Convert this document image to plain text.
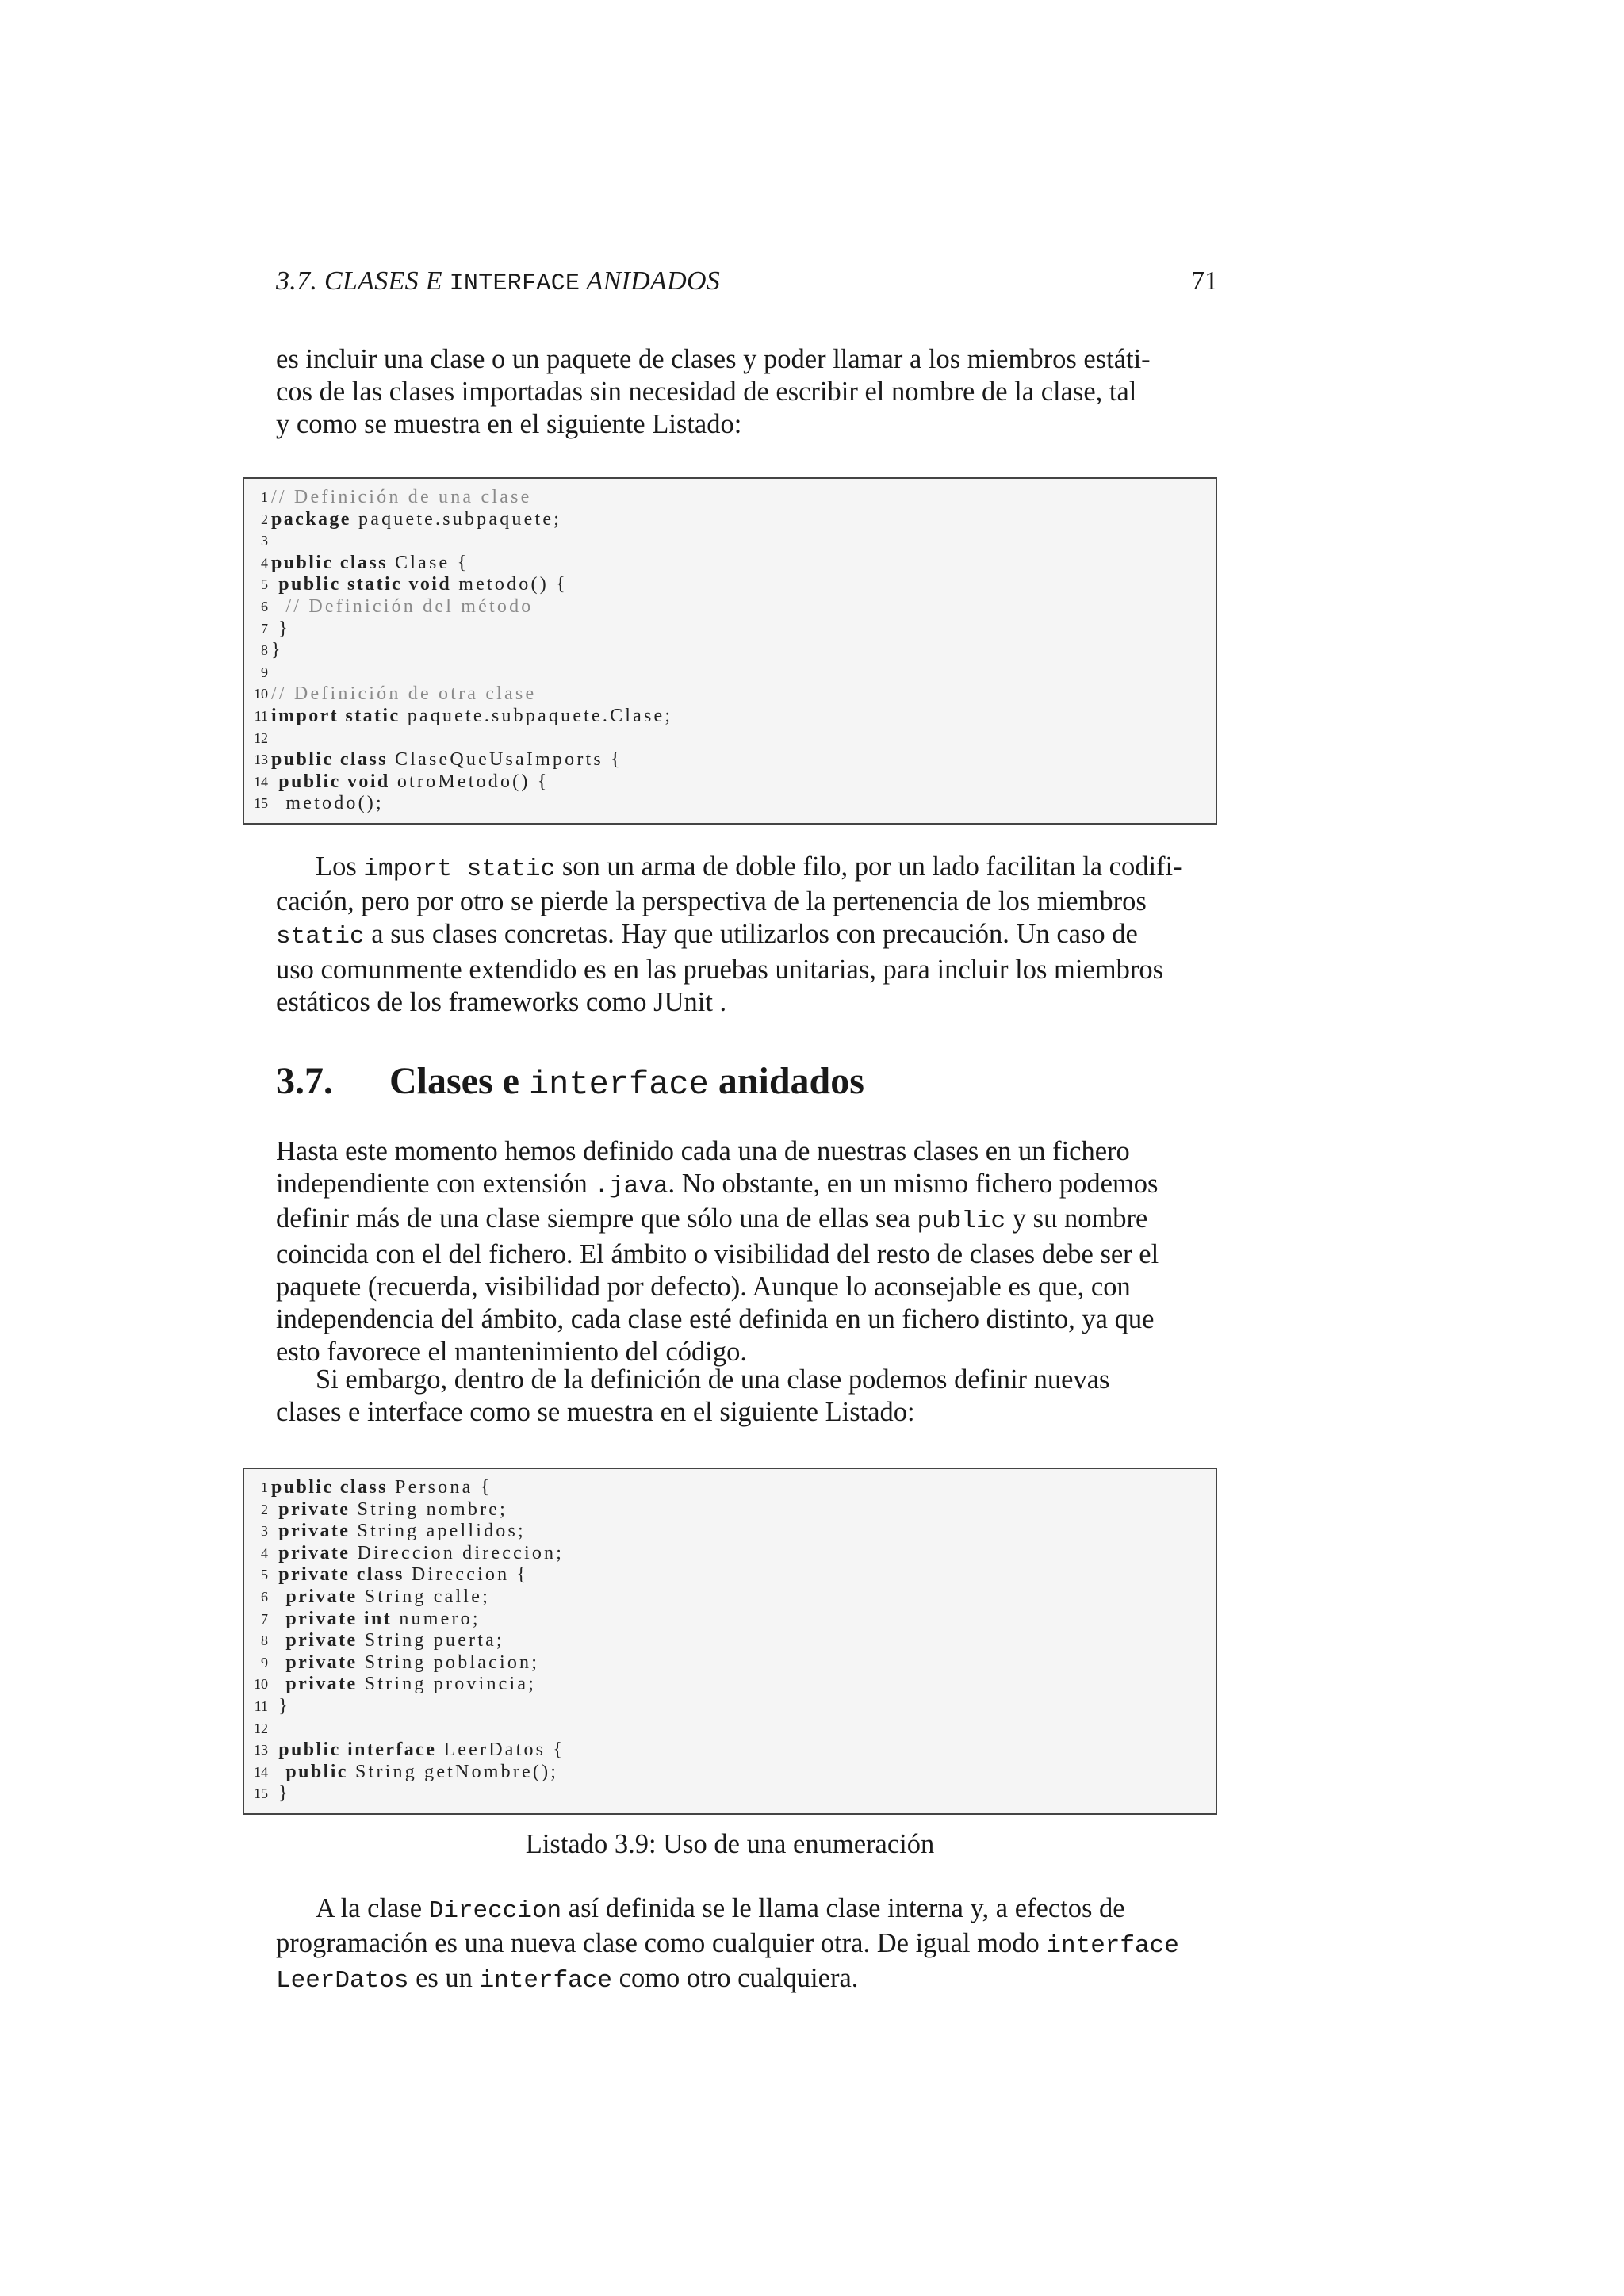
3.7. CLASES E INTERFACE ANIDADOS	71
es incluir una clase o un paquete de clases y poder llamar a los miembros estáti-
cos de las clases importadas sin necesidad de escribir el nombre de la clase, tal
y como se muestra en el siguiente Listado:
1 // Definición de una clase
2 package paquete.subpaquete;
3
4 public class Clase {
5 public static void metodo() {
6 // Definición del método
7 }
8 }
9
10 // Definición de otra clase
11 import static paquete.subpaquete.Clase;
12
13 public class ClaseQueUsaImports {
14 public void otroMetodo() {
15 metodo();
Los import static son un arma de doble filo, por un lado facilitan la codifi-
cación, pero por otro se pierde la perspectiva de la pertenencia de los miembros
static a sus clases concretas. Hay que utilizarlos con precaución. Un caso de
uso comunmente extendido es en las pruebas unitarias, para incluir los miembros
estáticos de los frameworks como JUnit .
3.7.	Clases e interface anidados
Hasta este momento hemos definido cada una de nuestras clases en un fichero
independiente con extensión .java. No obstante, en un mismo fichero podemos
definir más de una clase siempre que sólo una de ellas sea public y su nombre
coincida con el del fichero. El ámbito o visibilidad del resto de clases debe ser el
paquete (recuerda, visibilidad por defecto). Aunque lo aconsejable es que, con
independencia del ámbito, cada clase esté definida en un fichero distinto, ya que
esto favorece el mantenimiento del código.
Si embargo, dentro de la definición de una clase podemos definir nuevas
clases e interface como se muestra en el siguiente Listado:
1 public class Persona {
2 private String nombre;
3 private String apellidos;
4 private Direccion direccion;
5 private class Direccion {
6 private String calle;
7 private int numero;
8 private String puerta;
9 private String poblacion;
10 private String provincia;
11 }
12
13 public interface LeerDatos {
14 public String getNombre();
15 }
Listado 3.9: Uso de una enumeración
A la clase Direccion así definida se le llama clase interna y, a efectos de
programación es una nueva clase como cualquier otra. De igual modo interface
LeerDatos es un interface como otro cualquiera.
